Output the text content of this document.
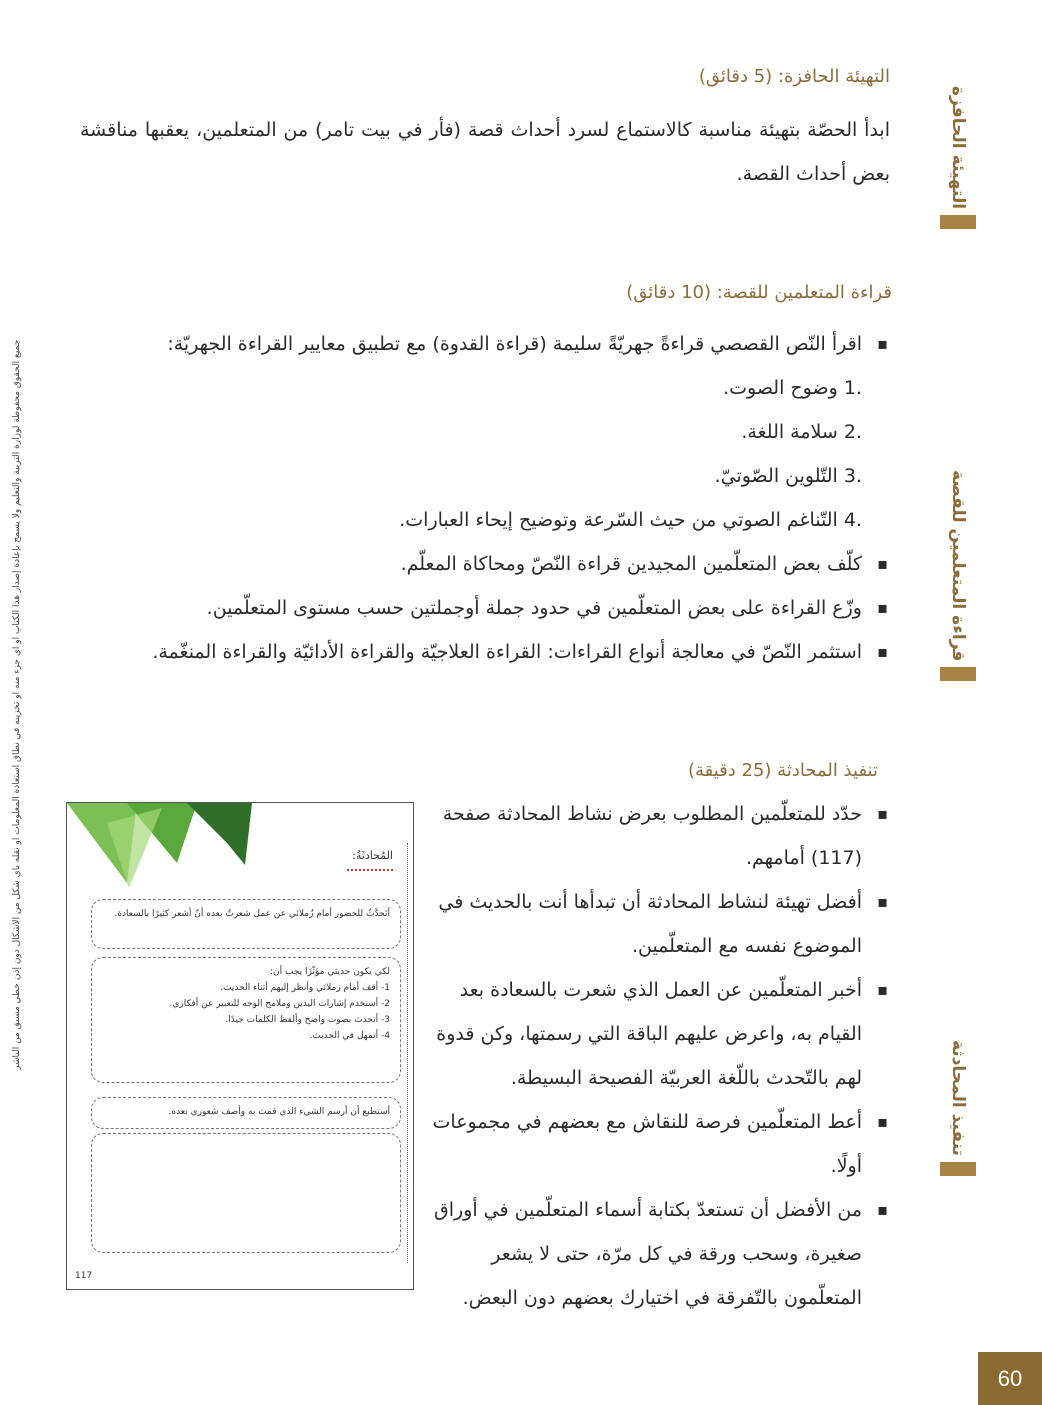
التهيئة الحافزة
قراءة المتعلمين للقصة
تنفيذ المحادثة
جميع الحقوق محفوظة لوزارة التربية والتعليم ولا يسمح بإعادة إصدار هذا الكتاب أو أي جزء منه أو تخزينه في نطاق استعادة المعلومات أو نقله بأي شكل من الأشكال دون إذن خطي مسبق من الناشر
التهيئة الحافزة: (5 دقائق)
ابدأ الحصّة بتهيئة مناسبة كالاستماع لسرد أحداث قصة (فأر في بيت تامر) من المتعلمين، يعقبها مناقشة بعض أحداث القصة.
قراءة المتعلمين للقصة: (10 دقائق)
▪
اقرأ النّص القصصي قراءةً جهريّةً سليمة (قراءة القدوة) مع تطبيق معايير القراءة الجهريّة:
.1 وضوح الصوت.
.2 سلامة اللغة.
.3 التّلوين الصّوتيّ.
.4 التّناغم الصوتي من حيث السّرعة وتوضيح إيحاء العبارات.
▪
كلّف بعض المتعلّمين المجيدين قراءة النّصّ ومحاكاة المعلّم.
▪
وزّع القراءة على بعض المتعلّمين في حدود جملة أوجملتين حسب مستوى المتعلّمين.
▪
استثمر النّصّ في معالجة أنواع القراءات: القراءة العلاجيّة والقراءة الأدائيّة والقراءة المنغّمة.
تنفيذ المحادثة (25 دقيقة)
▪
حدّد للمتعلّمين المطلوب بعرض نشاط المحادثة صفحة (117) أمامهم.
▪
أفضل تهيئة لنشاط المحادثة أن تبدأها أنت بالحديث في الموضوع نفسه مع المتعلّمين.
▪
أخبر المتعلّمين عن العمل الذي شعرت بالسعادة بعد القيام به، واعرض عليهم الباقة التي رسمتها، وكن قدوة لهم بالتّحدث باللّغة العربيّة الفصيحة البسيطة.
▪
أعط المتعلّمين فرصة للنقاش مع بعضهم في مجموعات أولًا.
▪
من الأفضل أن تستعدّ بكتابة أسماء المتعلّمين في أوراق صغيرة، وسحب ورقة في كل مرّة، حتى لا يشعر المتعلّمون بالتّفرقة في اختيارك بعضهم دون البعض.
المُحادثَةُ:
أتَحدَّثُ للحضور أمام زُملائي عن عمل شعرتُ بعده أنّ أشعر كثيرًا بالسعادة.
لكي يكون حديثي مؤثّرًا يجب أن:
1- أقف أمام زملائي وأنظر إليهم أثناء الحديث.
2- أستخدم إشارات اليدين وملامح الوجه للتعبير عن أفكاري.
3- أتحدث بصوت واضح وألفظ الكلمات جيدًا.
4- أتمهل في الحديث.
أستطيع أن أرسم الشيء الذي قمت به وأصف شعوري بعده.
117
60
